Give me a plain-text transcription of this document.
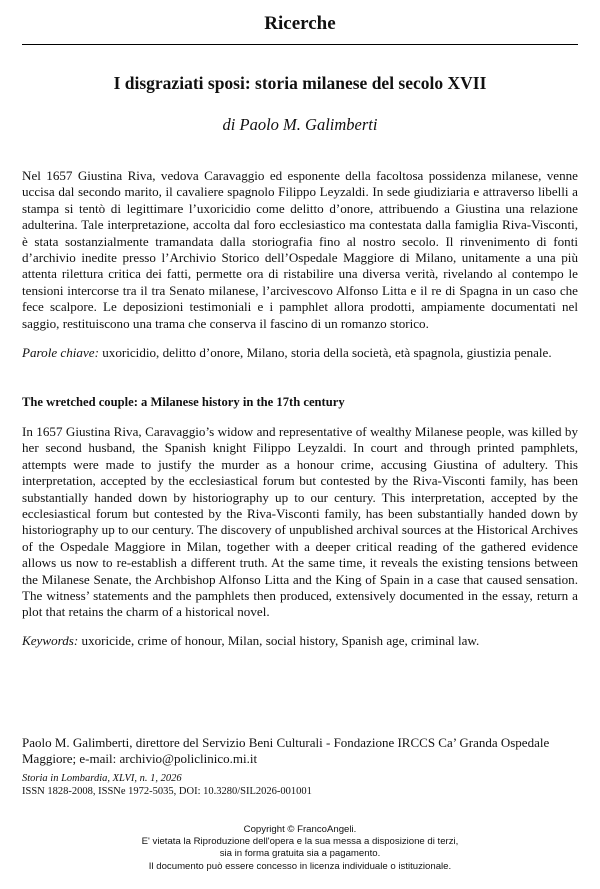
Ricerche
I disgraziati sposi: storia milanese del secolo XVII
di Paolo M. Galimberti

Nel 1657 Giustina Riva, vedova Caravaggio ed esponente della facoltosa possidenza milanese, venne uccisa dal secondo marito, il cavaliere spagnolo Filippo Leyzaldi. In sede giudiziaria e attraverso libelli a stampa si tentò di legittimare l’uxoricidio come delitto d’onore, attribuendo a Giustina una relazione adulterina. Tale interpretazione, accolta dal foro ecclesiastico ma contestata dalla famiglia Riva-Visconti, è stata sostanzialmente tramandata dalla storiografia fino al nostro secolo. Il rinvenimento di fonti d’archivio inedite presso l’Archivio Storico dell’Ospedale Maggiore di Milano, unitamente a una più attenta rilettura critica dei fatti, permette ora di ristabilire una diversa verità, rivelando al contempo le tensioni intercorse tra il tra Senato milanese, l’arcivescovo Alfonso Litta e il re di Spagna in un caso che fece scalpore. Le deposizioni testimoniali e i pamphlet allora prodotti, ampiamente documentati nel saggio, restituiscono una trama che conserva il fascino di un romanzo storico.

Parole chiave: uxoricidio, delitto d’onore, Milano, storia della società, età spagnola, giustizia penale.

The wretched couple: a Milanese history in the 17th century

In 1657 Giustina Riva, Caravaggio’s widow and representative of wealthy Milanese people, was killed by her second husband, the Spanish knight Filippo Leyzaldi. In court and through printed pamphlets, attempts were made to justify the murder as a honour crime, accusing Giustina of adultery. This interpretation, accepted by the ecclesiastical forum but contested by the Riva-Visconti family, has been substantially handed down by historiography up to our century. This interpretation, accepted by the ecclesiastical forum but contested by the Riva-Visconti family, has been substantially handed down by historiography up to our century. The discovery of unpublished archival sources at the Historical Archives of the Ospedale Maggiore in Milan, together with a deeper critical reading of the gathered evidence allows us now to re-establish a different truth. At the same time, it reveals the existing tensions between the Milanese Senate, the Archbishop Alfonso Litta and the King of Spain in a case that caused sensation. The witness’ statements and the pamphlets then produced, extensively documented in the essay, return a plot that retains the charm of a historical novel.

Keywords: uxoricide, crime of honour, Milan, social history, Spanish age, criminal law.

Paolo M. Galimberti, direttore del Servizio Beni Culturali - Fondazione IRCCS Ca’ Granda Ospedale Maggiore; e-mail: archivio@policlinico.mi.it

Storia in Lombardia, XLVI, n. 1, 2026
ISSN 1828-2008, ISSNe 1972-5035, DOI: 10.3280/SIL2026-001001
Copyright © FrancoAngeli.
E' vietata la Riproduzione dell'opera e la sua messa a disposizione di terzi,
sia in forma gratuita sia a pagamento.
Il documento può essere concesso in licenza individuale o istituzionale.
